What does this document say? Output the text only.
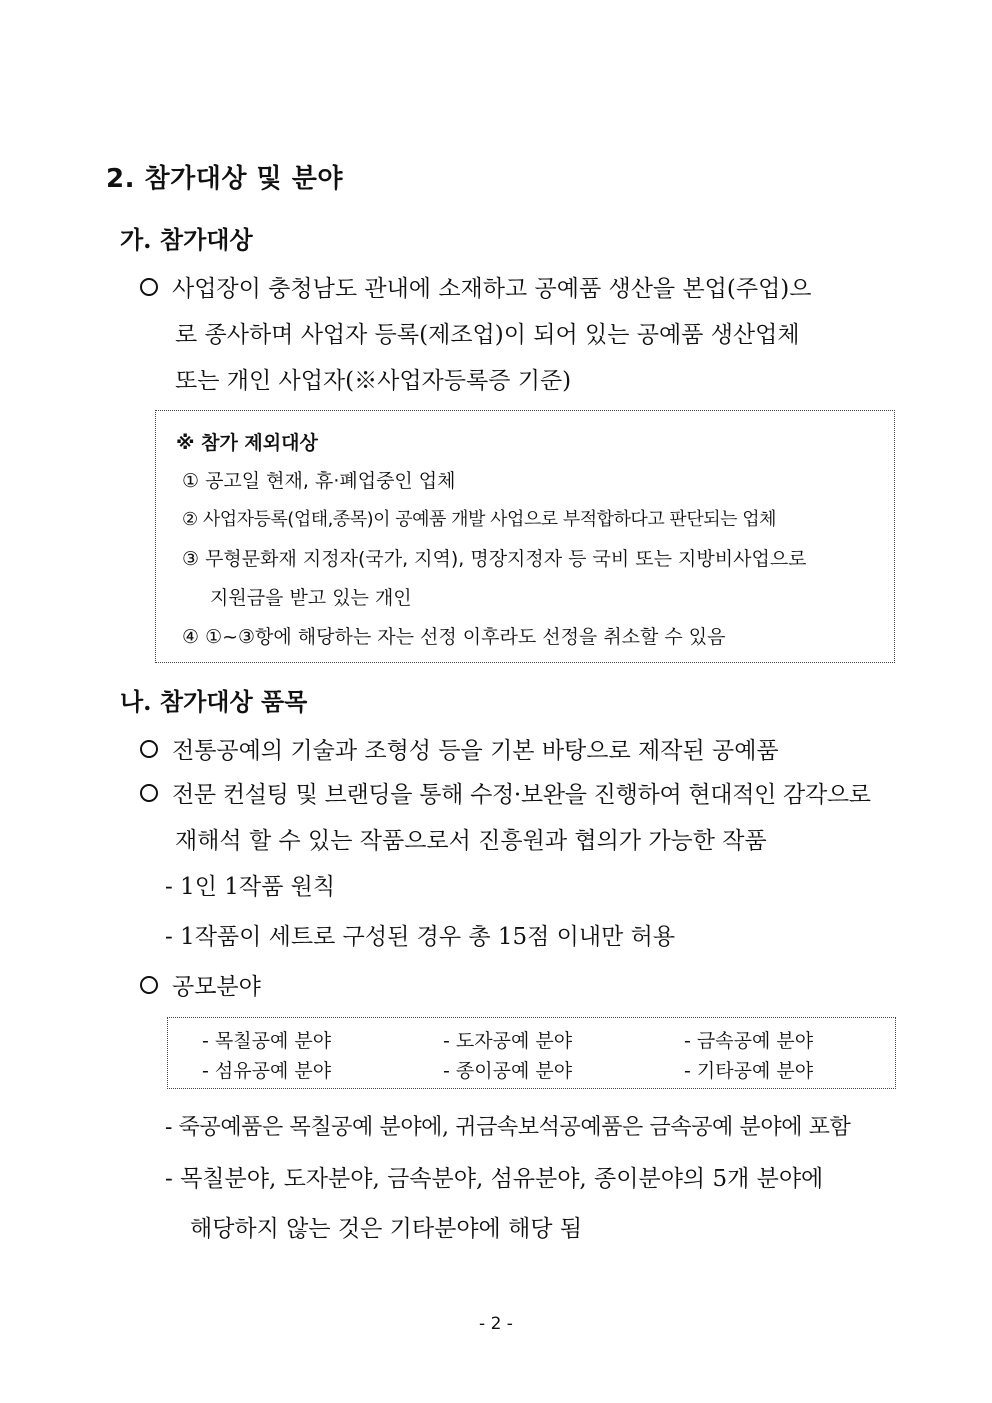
2. 참가대상 및 분야
가. 참가대상
사업장이 충청남도 관내에 소재하고 공예품 생산을 본업(주업)으
로 종사하며 사업자 등록(제조업)이 되어 있는 공예품 생산업체
또는 개인 사업자(※사업자등록증 기준)
※ 참가 제외대상
① 공고일 현재, 휴·폐업중인 업체
② 사업자등록(업태,종목)이 공예품 개발 사업으로 부적합하다고 판단되는 업체
③ 무형문화재 지정자(국가, 지역), 명장지정자 등 국비 또는 지방비사업으로
지원금을 받고 있는 개인
④ ①~③항에 해당하는 자는 선정 이후라도 선정을 취소할 수 있음
나. 참가대상 품목
전통공예의 기술과 조형성 등을 기본 바탕으로 제작된 공예품
전문 컨설팅 및 브랜딩을 통해 수정·보완을 진행하여 현대적인 감각으로
재해석 할 수 있는 작품으로서 진흥원과 협의가 가능한 작품
- 1인 1작품 원칙
- 1작품이 세트로 구성된 경우 총 15점 이내만 허용
공모분야
- 목칠공예 분야	- 도자공예 분야	- 금속공예 분야
- 섬유공예 분야	- 종이공예 분야	- 기타공예 분야
- 죽공예품은 목칠공예 분야에, 귀금속보석공예품은 금속공예 분야에 포함
- 목칠분야, 도자분야, 금속분야, 섬유분야, 종이분야의 5개 분야에
해당하지 않는 것은 기타분야에 해당 됨
- 2 -
